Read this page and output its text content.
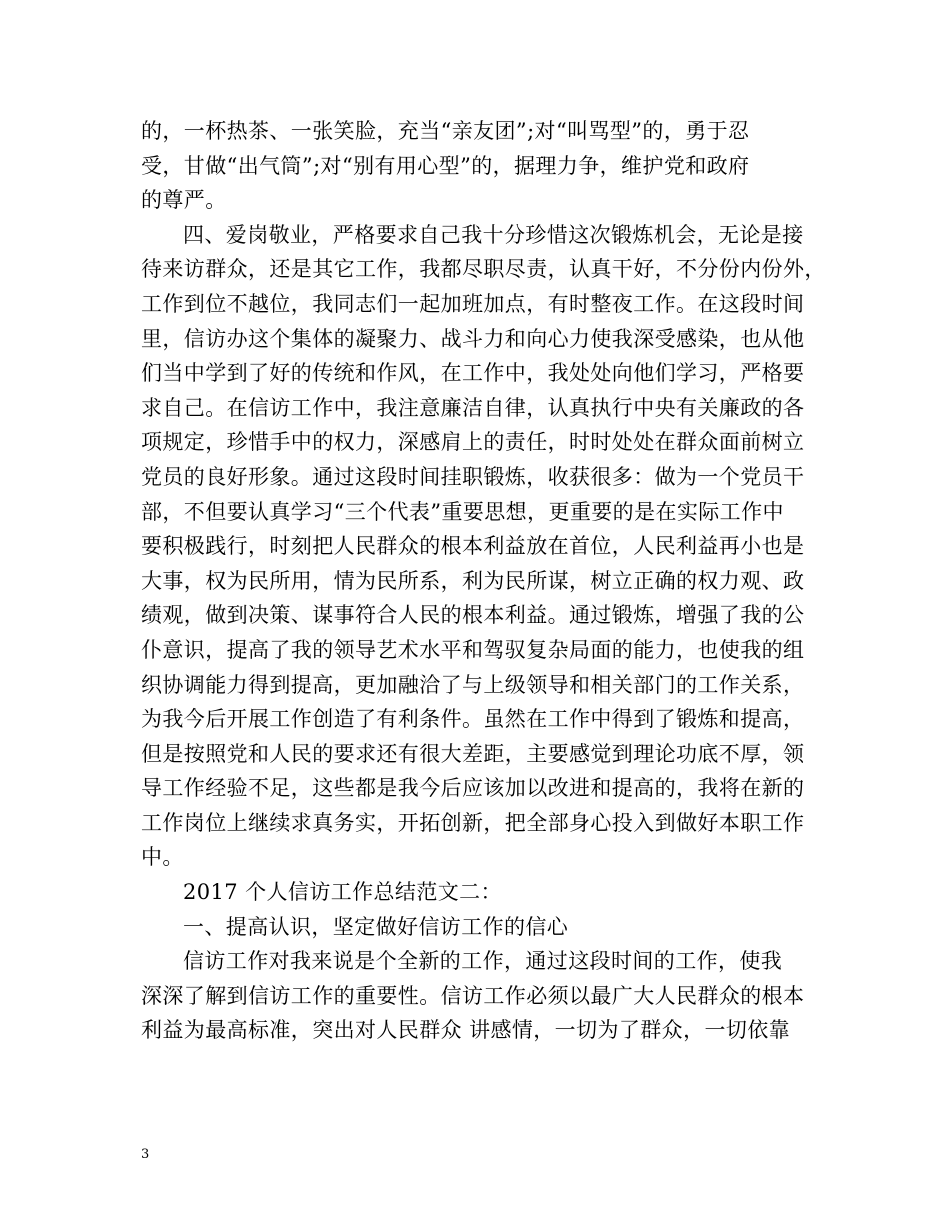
的，一杯热茶、一张笑脸，充当“亲友团”;对“叫骂型”的，勇于忍
受，甘做“出气筒”;对“别有用心型”的，据理力争，维护党和政府
的尊严。
四、爱岗敬业，严格要求自己我十分珍惜这次锻炼机会，无论是接
待来访群众，还是其它工作，我都尽职尽责，认真干好，不分份内份外，
工作到位不越位，我同志们一起加班加点，有时整夜工作。在这段时间
里，信访办这个集体的凝聚力、战斗力和向心力使我深受感染，也从他
们当中学到了好的传统和作风，在工作中，我处处向他们学习，严格要
求自己。在信访工作中，我注意廉洁自律，认真执行中央有关廉政的各
项规定，珍惜手中的权力，深感肩上的责任，时时处处在群众面前树立
党员的良好形象。通过这段时间挂职锻炼，收获很多：做为一个党员干
部，不但要认真学习“三个代表”重要思想，更重要的是在实际工作中
要积极践行，时刻把人民群众的根本利益放在首位，人民利益再小也是
大事，权为民所用，情为民所系，利为民所谋，树立正确的权力观、政
绩观，做到决策、谋事符合人民的根本利益。通过锻炼，增强了我的公
仆意识，提高了我的领导艺术水平和驾驭复杂局面的能力，也使我的组
织协调能力得到提高，更加融洽了与上级领导和相关部门的工作关系，
为我今后开展工作创造了有利条件。虽然在工作中得到了锻炼和提高，
但是按照党和人民的要求还有很大差距，主要感觉到理论功底不厚，领
导工作经验不足，这些都是我今后应该加以改进和提高的，我将在新的
工作岗位上继续求真务实，开拓创新，把全部身心投入到做好本职工作
中。
2017 个人信访工作总结范文二：
一、提高认识，坚定做好信访工作的信心
信访工作对我来说是个全新的工作，通过这段时间的工作，使我
深深了解到信访工作的重要性。信访工作必须以最广大人民群众的根本
利益为最高标准，突出对人民群众 讲感情，一切为了群众，一切依靠
3
